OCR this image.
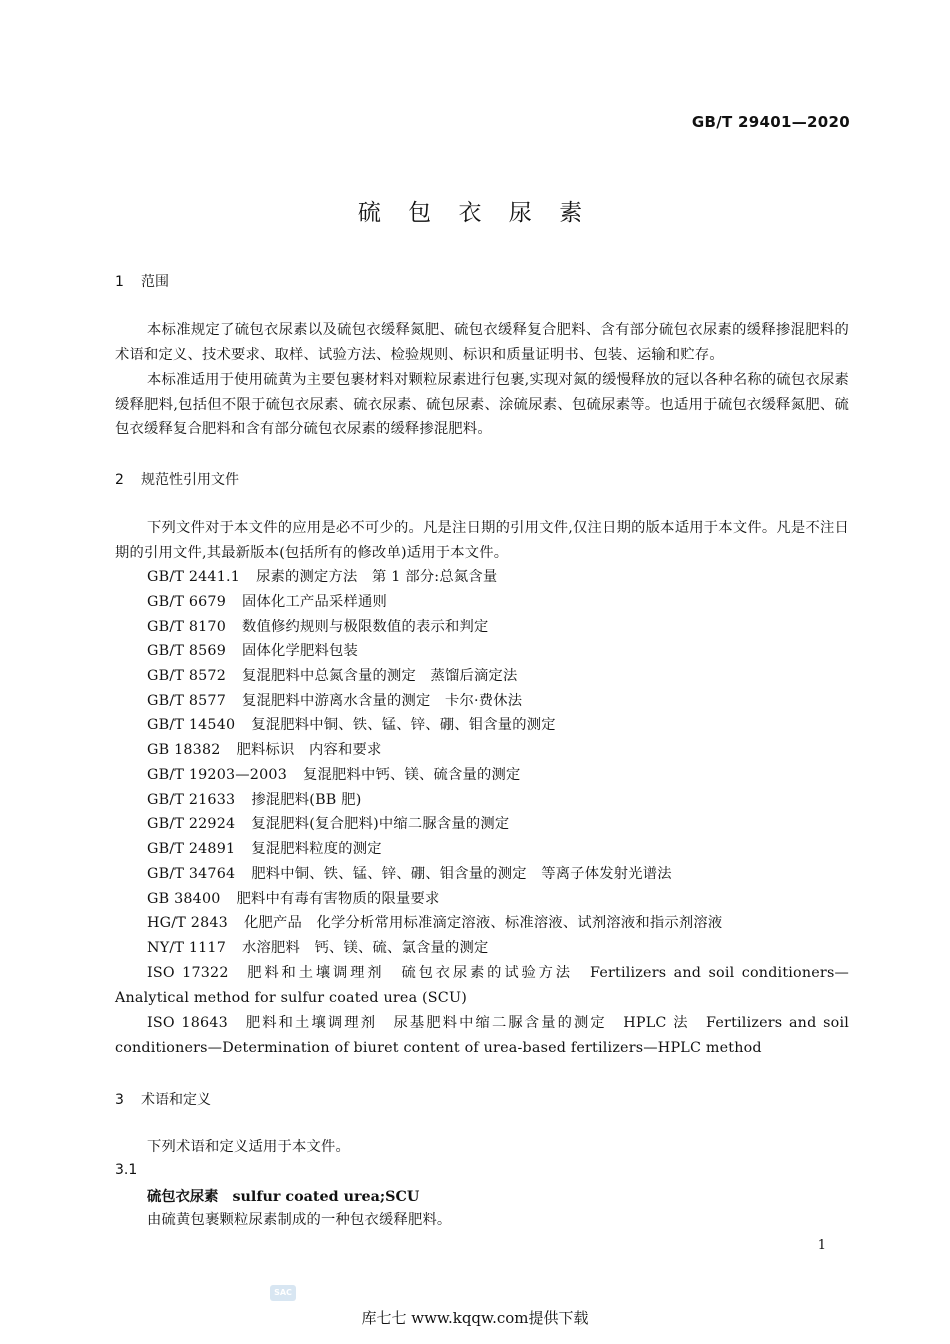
GB/T 29401—2020
硫 包 衣 尿 素
1 范围
本标准规定了硫包衣尿素以及硫包衣缓释氮肥、硫包衣缓释复合肥料、含有部分硫包衣尿素的缓释掺混肥料的术语和定义、技术要求、取样、试验方法、检验规则、标识和质量证明书、包装、运输和贮存。
本标准适用于使用硫黄为主要包裹材料对颗粒尿素进行包裹,实现对氮的缓慢释放的冠以各种名称的硫包衣尿素缓释肥料,包括但不限于硫包衣尿素、硫衣尿素、硫包尿素、涂硫尿素、包硫尿素等。也适用于硫包衣缓释氮肥、硫包衣缓释复合肥料和含有部分硫包衣尿素的缓释掺混肥料。
2 规范性引用文件
下列文件对于本文件的应用是必不可少的。凡是注日期的引用文件,仅注日期的版本适用于本文件。凡是不注日期的引用文件,其最新版本(包括所有的修改单)适用于本文件。
GB/T 2441.1 尿素的测定方法　第 1 部分:总氮含量
GB/T 6679 固体化工产品采样通则
GB/T 8170 数值修约规则与极限数值的表示和判定
GB/T 8569 固体化学肥料包装
GB/T 8572 复混肥料中总氮含量的测定　蒸馏后滴定法
GB/T 8577 复混肥料中游离水含量的测定　卡尔·费休法
GB/T 14540 复混肥料中铜、铁、锰、锌、硼、钼含量的测定
GB 18382 肥料标识　内容和要求
GB/T 19203—2003 复混肥料中钙、镁、硫含量的测定
GB/T 21633 掺混肥料(BB 肥)
GB/T 22924 复混肥料(复合肥料)中缩二脲含量的测定
GB/T 24891 复混肥料粒度的测定
GB/T 34764 肥料中铜、铁、锰、锌、硼、钼含量的测定　等离子体发射光谱法
GB 38400 肥料中有毒有害物质的限量要求
HG/T 2843 化肥产品　化学分析常用标准滴定溶液、标准溶液、试剂溶液和指示剂溶液
NY/T 1117 水溶肥料　钙、镁、硫、氯含量的测定
ISO 17322 肥料和土壤调理剂　硫包衣尿素的试验方法　Fertilizers and soil conditioners—Analytical method for sulfur coated urea (SCU)
ISO 18643 肥料和土壤调理剂　尿基肥料中缩二脲含量的测定　HPLC 法　Fertilizers and soil conditioners—Determination of biuret content of urea-based fertilizers—HPLC method
3 术语和定义
下列术语和定义适用于本文件。
3.1
硫包衣尿素 sulfur coated urea;SCU
由硫黄包裹颗粒尿素制成的一种包衣缓释肥料。
1
SAC
库七七 www.kqqw.com提供下载
